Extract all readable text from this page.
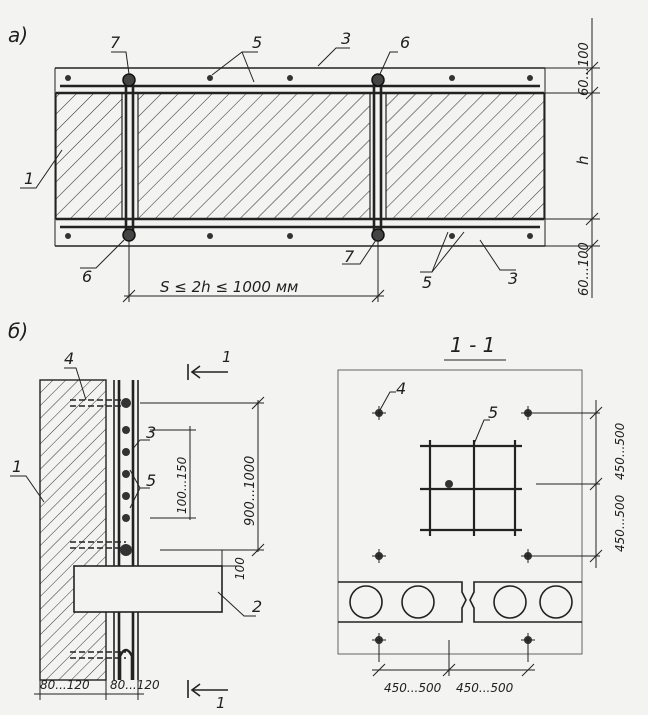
а)	7	5	3	6
1
6
7
5	3
60...100
h
60...100
S ≤ 2h ≤ 1000 мм
б)
1
1
4
1
3
5
2
100...150	900...1000
100
80...120 80...120
1 - 1
4
5
450...500
450...500
450...500 450...500
